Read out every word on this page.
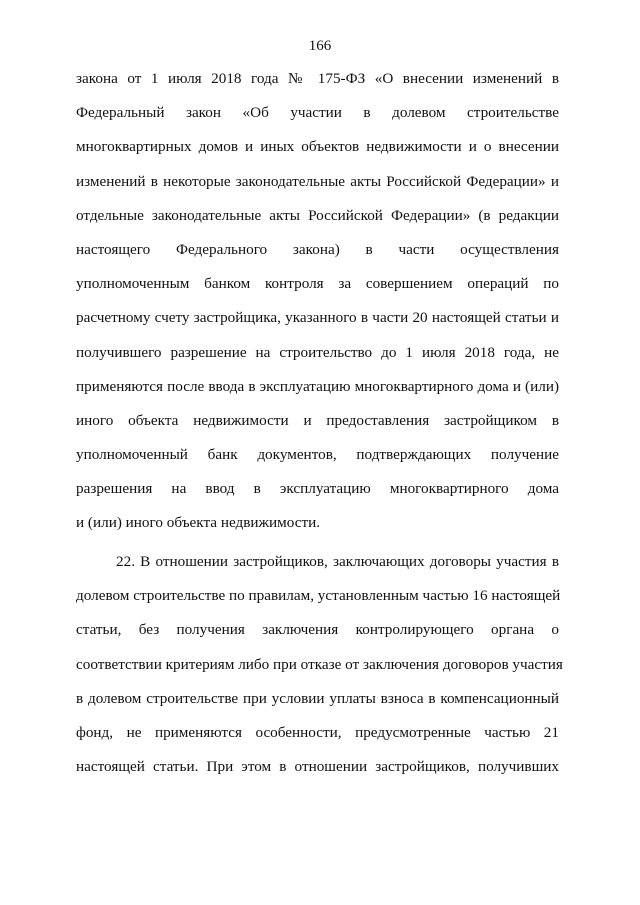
166
закона от 1 июля 2018 года № 175-ФЗ «О внесении изменений в
Федеральный закон «Об участии в долевом строительстве
многоквартирных домов и иных объектов недвижимости и о внесении
изменений в некоторые законодательные акты Российской Федерации» и
отдельные законодательные акты Российской Федерации» (в редакции
настоящего Федерального закона) в части осуществления
уполномоченным банком контроля за совершением операций по
расчетному счету застройщика, указанного в части 20 настоящей статьи и
получившего разрешение на строительство до 1 июля 2018 года, не
применяются после ввода в эксплуатацию многоквартирного дома и (или)
иного объекта недвижимости и предоставления застройщиком в
уполномоченный банк документов, подтверждающих получение
разрешения на ввод в эксплуатацию многоквартирного дома
и (или) иного объекта недвижимости.
22. В отношении застройщиков, заключающих договоры участия в
долевом строительстве по правилам, установленным частью 16 настоящей
статьи, без получения заключения контролирующего органа о
соответствии критериям либо при отказе от заключения договоров участия
в долевом строительстве при условии уплаты взноса в компенсационный
фонд, не применяются особенности, предусмотренные частью 21
настоящей статьи. При этом в отношении застройщиков, получивших
